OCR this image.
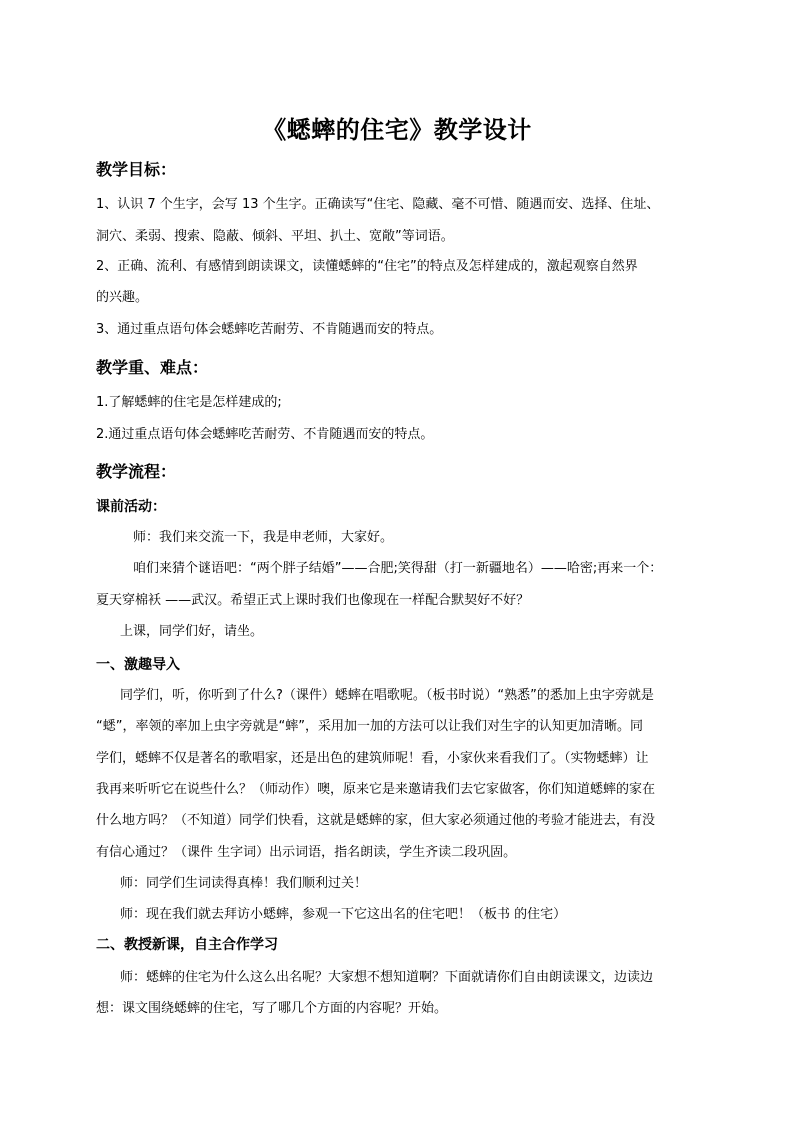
《蟋蟀的住宅》教学设计
教学目标：
1、认识 7 个生字，会写 13 个生字。正确读写“住宅、隐藏、毫不可惜、随遇而安、选择、住址、
洞穴、柔弱、搜索、隐蔽、倾斜、平坦、扒土、宽敞”等词语。
2、正确、流利、有感情到朗读课文，读懂蟋蟀的“住宅”的特点及怎样建成的，激起观察自然界
的兴趣。
3、通过重点语句体会蟋蟀吃苦耐劳、不肯随遇而安的特点。
教学重、难点：
1.了解蟋蟀的住宅是怎样建成的;
2.通过重点语句体会蟋蟀吃苦耐劳、不肯随遇而安的特点。
教学流程：
课前活动：
师：我们来交流一下，我是申老师，大家好。
咱们来猜个谜语吧：“两个胖子结婚”——合肥;笑得甜（打一新疆地名）——哈密;再来一个：
夏天穿棉袄 ——武汉。希望正式上课时我们也像现在一样配合默契好不好？
上课，同学们好，请坐。
一、激趣导入
同学们，听，你听到了什么?（课件）蟋蟀在唱歌呢。（板书时说）“熟悉”的悉加上虫字旁就是
“蟋”，率领的率加上虫字旁就是“蟀”，采用加一加的方法可以让我们对生字的认知更加清晰。同
学们，蟋蟀不仅是著名的歌唱家，还是出色的建筑师呢！看，小家伙来看我们了。（实物蟋蟀）让
我再来听听它在说些什么？（师动作）噢，原来它是来邀请我们去它家做客，你们知道蟋蟀的家在
什么地方吗？（不知道）同学们快看，这就是蟋蟀的家，但大家必须通过他的考验才能进去，有没
有信心通过？（课件 生字词）出示词语，指名朗读，学生齐读二段巩固。
师：同学们生词读得真棒！我们顺利过关！
师：现在我们就去拜访小蟋蟀，参观一下它这出名的住宅吧！（板书 的住宅）
二、教授新课，自主合作学习
师：蟋蟀的住宅为什么这么出名呢？大家想不想知道啊？下面就请你们自由朗读课文，边读边
想：课文围绕蟋蟀的住宅，写了哪几个方面的内容呢？开始。
